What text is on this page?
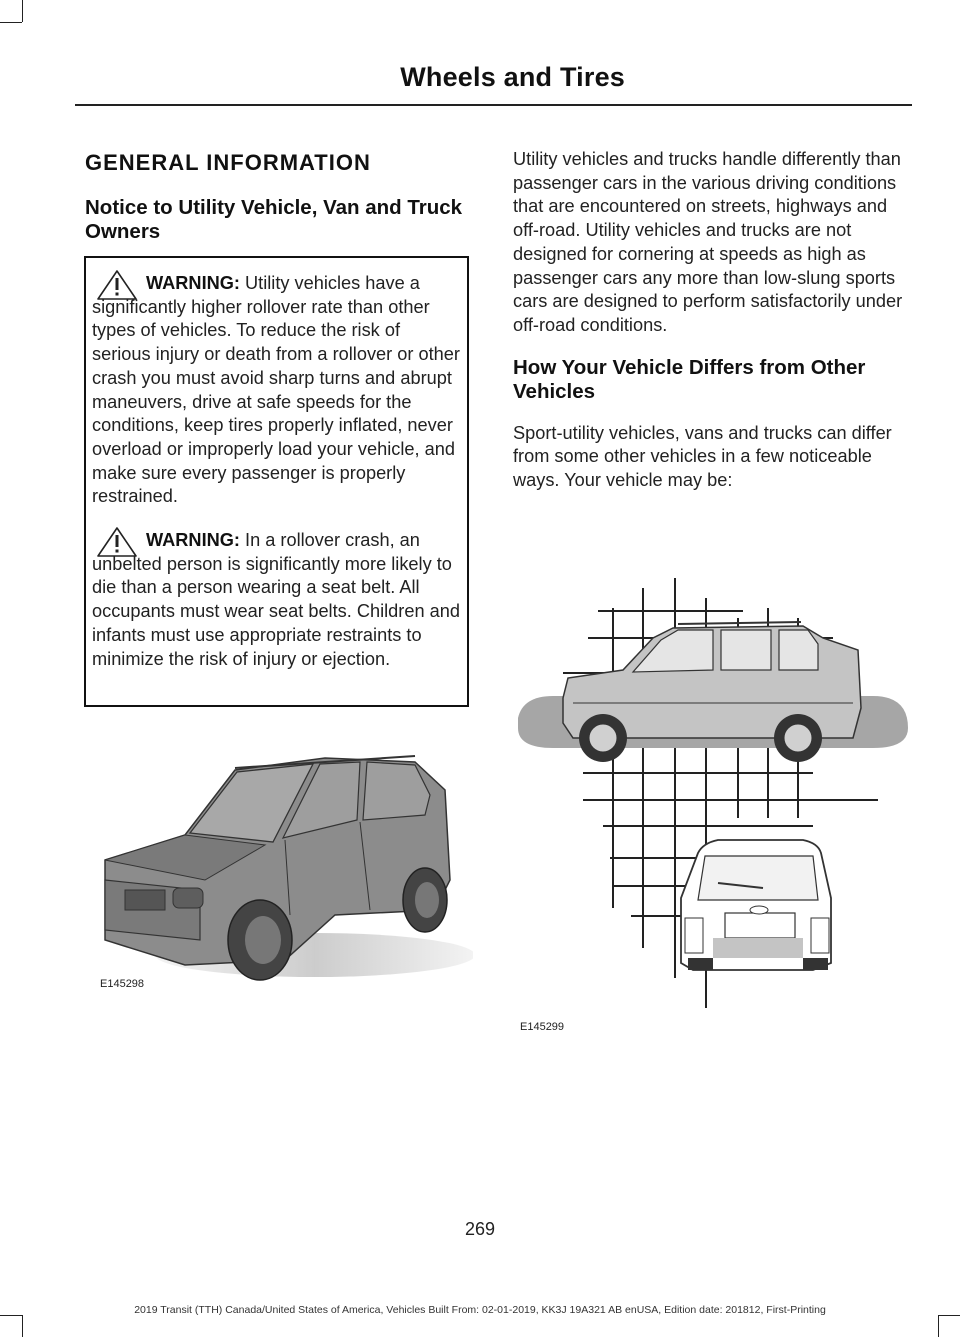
Wheels and Tires
GENERAL INFORMATION
Notice to Utility Vehicle, Van and Truck Owners
WARNING: Utility vehicles have a significantly higher rollover rate than other types of vehicles. To reduce the risk of serious injury or death from a rollover or other crash you must avoid sharp turns and abrupt maneuvers, drive at safe speeds for the conditions, keep tires properly inflated, never overload or improperly load your vehicle, and make sure every passenger is properly restrained.
WARNING: In a rollover crash, an unbelted person is significantly more likely to die than a person wearing a seat belt. All occupants must wear seat belts. Children and infants must use appropriate restraints to minimize the risk of injury or ejection.
E145298

Utility vehicles and trucks handle differently than passenger cars in the various driving conditions that are encountered on streets, highways and off-road. Utility vehicles and trucks are not designed for cornering at speeds as high as passenger cars any more than low-slung sports cars are designed to perform satisfactorily under off-road conditions.

How Your Vehicle Differs from Other Vehicles

Sport-utility vehicles, vans and trucks can differ from some other vehicles in a few noticeable ways. Your vehicle may be:

E145299
269
2019 Transit (TTH) Canada/United States of America, Vehicles Built From: 02-01-2019, KK3J 19A321 AB enUSA, Edition date: 201812, First-Printing
